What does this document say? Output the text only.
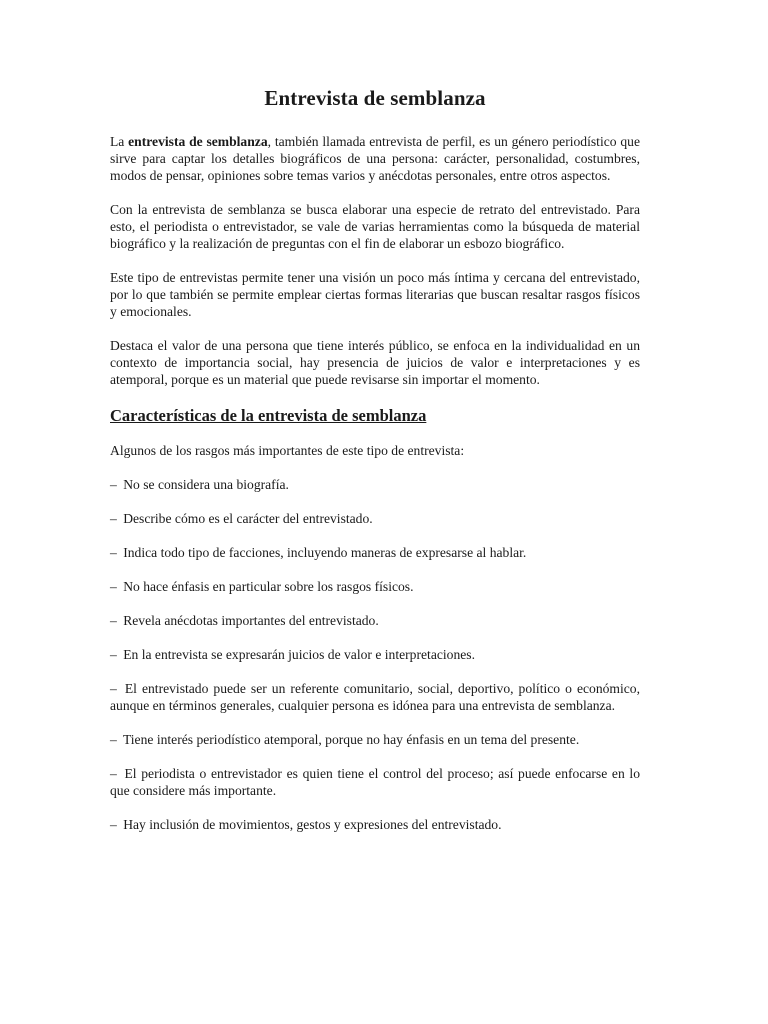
Entrevista de semblanza

La entrevista de semblanza, también llamada entrevista de perfil, es un género periodístico que sirve para captar los detalles biográficos de una persona: carácter, personalidad, costumbres, modos de pensar, opiniones sobre temas varios y anécdotas personales, entre otros aspectos.

Con la entrevista de semblanza se busca elaborar una especie de retrato del entrevistado. Para esto, el periodista o entrevistador, se vale de varias herramientas como la búsqueda de material biográfico y la realización de preguntas con el fin de elaborar un esbozo biográfico.

Este tipo de entrevistas permite tener una visión un poco más íntima y cercana del entrevistado, por lo que también se permite emplear ciertas formas literarias que buscan resaltar rasgos físicos y emocionales.

Destaca el valor de una persona que tiene interés público, se enfoca en la individualidad en un contexto de importancia social, hay presencia de juicios de valor e interpretaciones y es atemporal, porque es un material que puede revisarse sin importar el momento.

Características de la entrevista de semblanza

Algunos de los rasgos más importantes de este tipo de entrevista:

– No se considera una biografía.
– Describe cómo es el carácter del entrevistado.
– Indica todo tipo de facciones, incluyendo maneras de expresarse al hablar.
– No hace énfasis en particular sobre los rasgos físicos.
– Revela anécdotas importantes del entrevistado.
– En la entrevista se expresarán juicios de valor e interpretaciones.
– El entrevistado puede ser un referente comunitario, social, deportivo, político o económico, aunque en términos generales, cualquier persona es idónea para una entrevista de semblanza.
– Tiene interés periodístico atemporal, porque no hay énfasis en un tema del presente.
– El periodista o entrevistador es quien tiene el control del proceso; así puede enfocarse en lo que considere más importante.
– Hay inclusión de movimientos, gestos y expresiones del entrevistado.
